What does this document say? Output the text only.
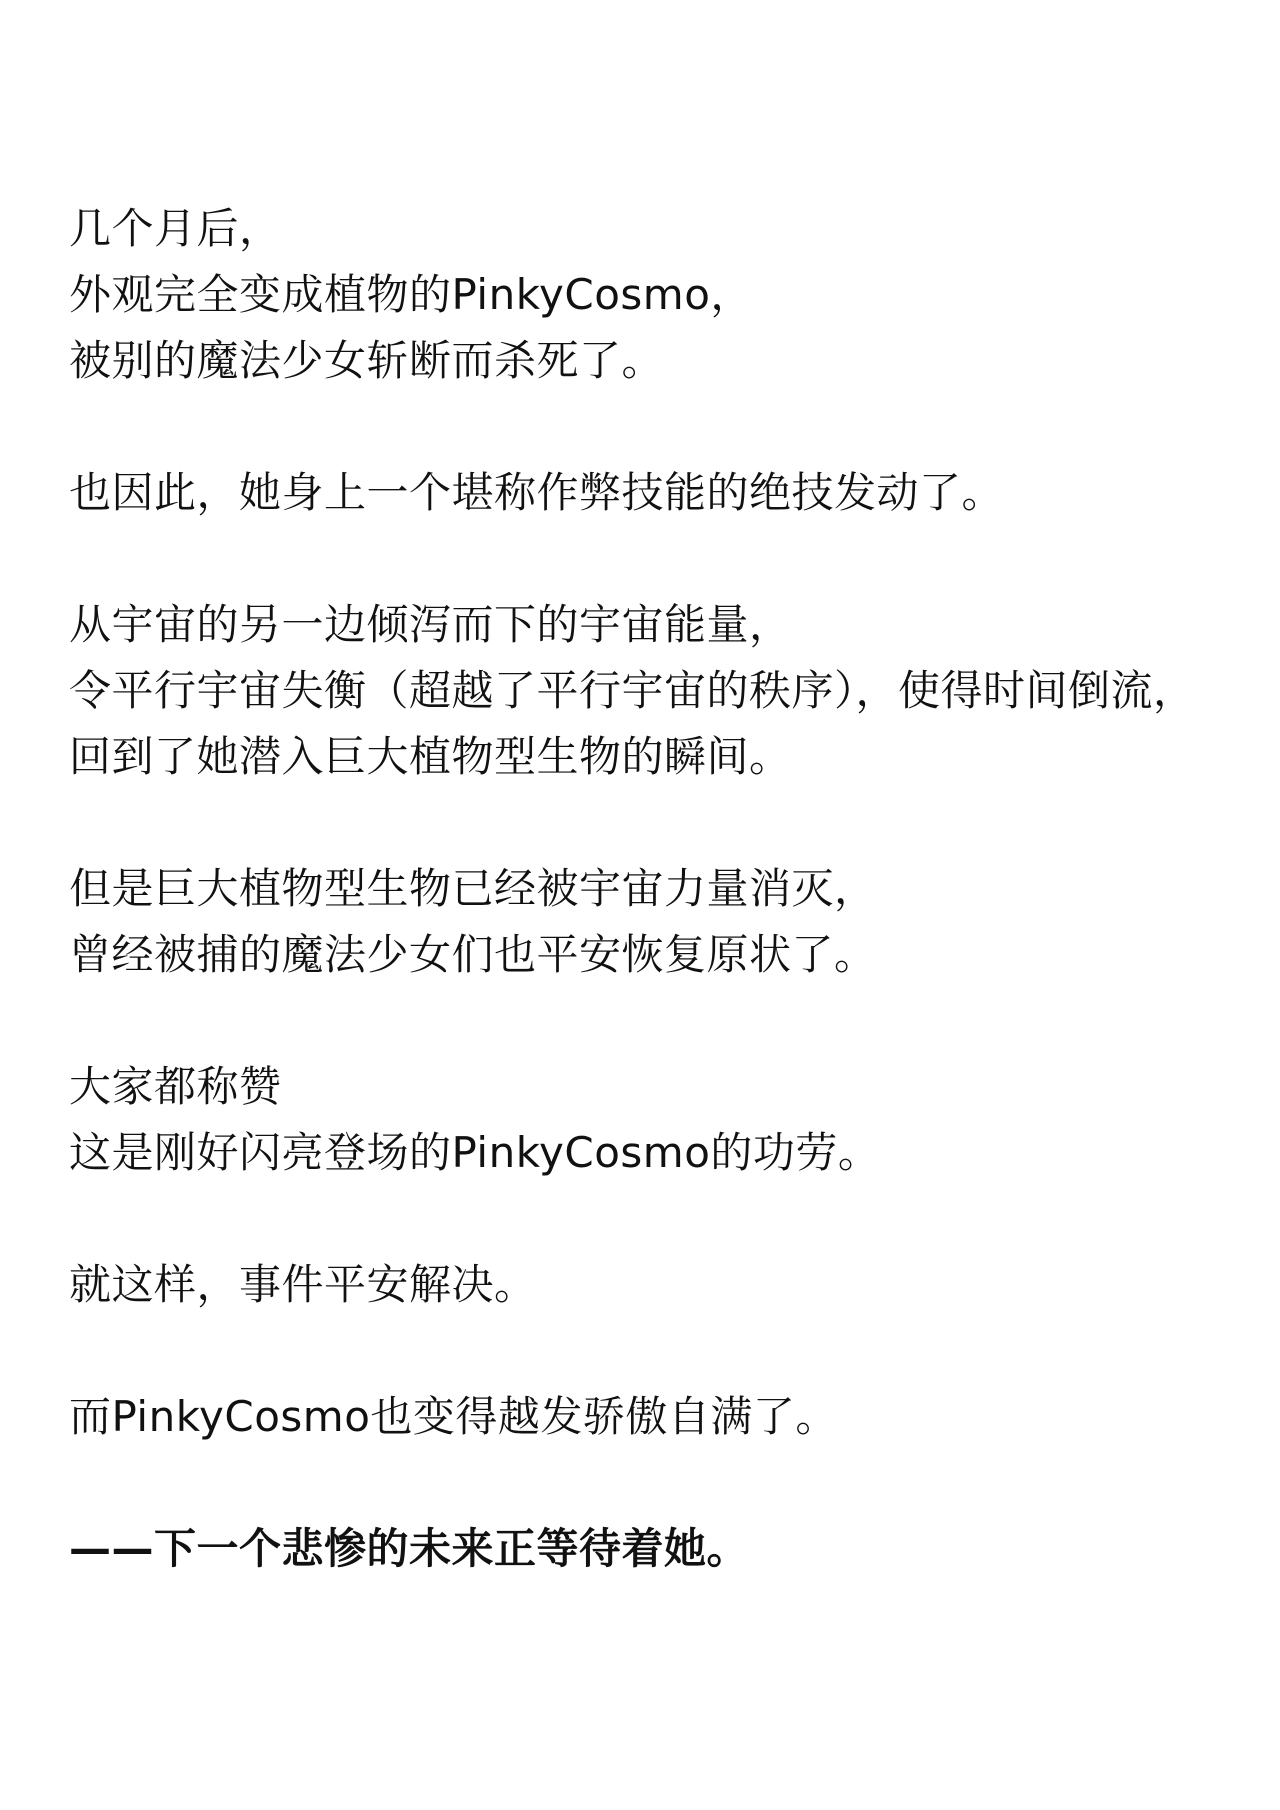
几个月后，
外观完全变成植物的PinkyCosmo，
被别的魔法少女斩断而杀死了。
也因此，她身上一个堪称作弊技能的绝技发动了。
从宇宙的另一边倾泻而下的宇宙能量，
令平行宇宙失衡（超越了平行宇宙的秩序），使得时间倒流，
回到了她潜入巨大植物型生物的瞬间。
但是巨大植物型生物已经被宇宙力量消灭，
曾经被捕的魔法少女们也平安恢复原状了。
大家都称赞
这是刚好闪亮登场的PinkyCosmo的功劳。
就这样，事件平安解决。
而PinkyCosmo也变得越发骄傲自满了。
——下一个悲惨的未来正等待着她。
